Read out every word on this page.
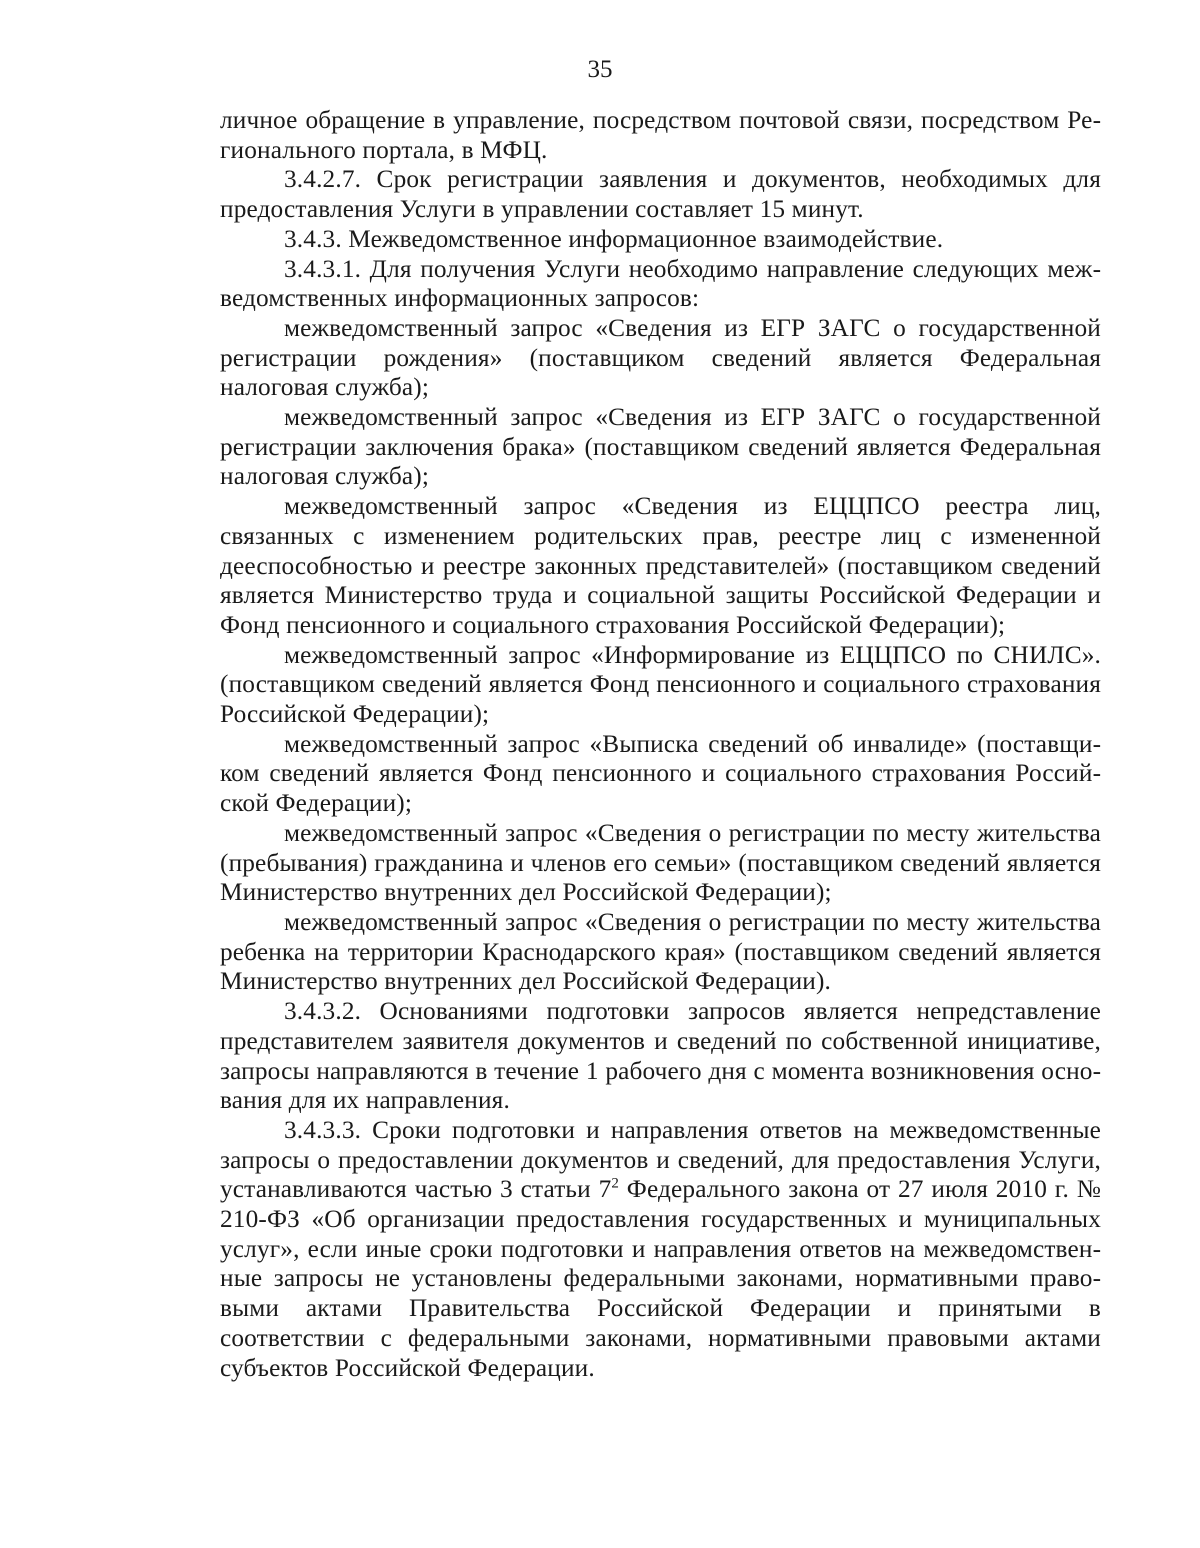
35

личное обращение в управление, посредством почтовой связи, посредством Регионального портала, в МФЦ.

3.4.2.7. Срок регистрации заявления и документов, необходимых для предоставления Услуги в управлении составляет 15 минут.

3.4.3. Межведомственное информационное взаимодействие.

3.4.3.1. Для получения Услуги необходимо направление следующих межведомственных информационных запросов:

межведомственный запрос «Сведения из ЕГР ЗАГС о государственной регистрации рождения» (поставщиком сведений является Федеральная налоговая служба);

межведомственный запрос «Сведения из ЕГР ЗАГС о государственной регистрации заключения брака» (поставщиком сведений является Федеральная налоговая служба);

межведомственный запрос «Сведения из ЕЦЦПСО реестра лиц, связанных с изменением родительских прав, реестре лиц с измененной дееспособностью и реестре законных представителей» (поставщиком сведений является Министерство труда и социальной защиты Российской Федерации и Фонд пенсионного и социального страхования Российской Федерации);

межведомственный запрос «Информирование из ЕЦЦПСО по СНИЛС». (поставщиком сведений является Фонд пенсионного и социального страхования Российской Федерации);

межведомственный запрос «Выписка сведений об инвалиде» (поставщиком сведений является Фонд пенсионного и социального страхования Российской Федерации);

межведомственный запрос «Сведения о регистрации по месту жительства (пребывания) гражданина и членов его семьи» (поставщиком сведений является Министерство внутренних дел Российской Федерации);

межведомственный запрос «Сведения о регистрации по месту жительства ребенка на территории Краснодарского края» (поставщиком сведений является Министерство внутренних дел Российской Федерации).

3.4.3.2. Основаниями подготовки запросов является непредставление представителем заявителя документов и сведений по собственной инициативе, запросы направляются в течение 1 рабочего дня с момента возникновения основания для их направления.

3.4.3.3. Сроки подготовки и направления ответов на межведомственные запросы о предоставлении документов и сведений, для предоставления Услуги, устанавливаются частью 3 статьи $7^2$ Федерального закона от 27 июля 2010 г. № 210-ФЗ «Об организации предоставления государственных и муниципальных услуг», если иные сроки подготовки и направления ответов на межведомственные запросы не установлены федеральными законами, нормативными правовыми актами Правительства Российской Федерации и принятыми в соответствии с федеральными законами, нормативными правовыми актами субъектов Российской Федерации.
